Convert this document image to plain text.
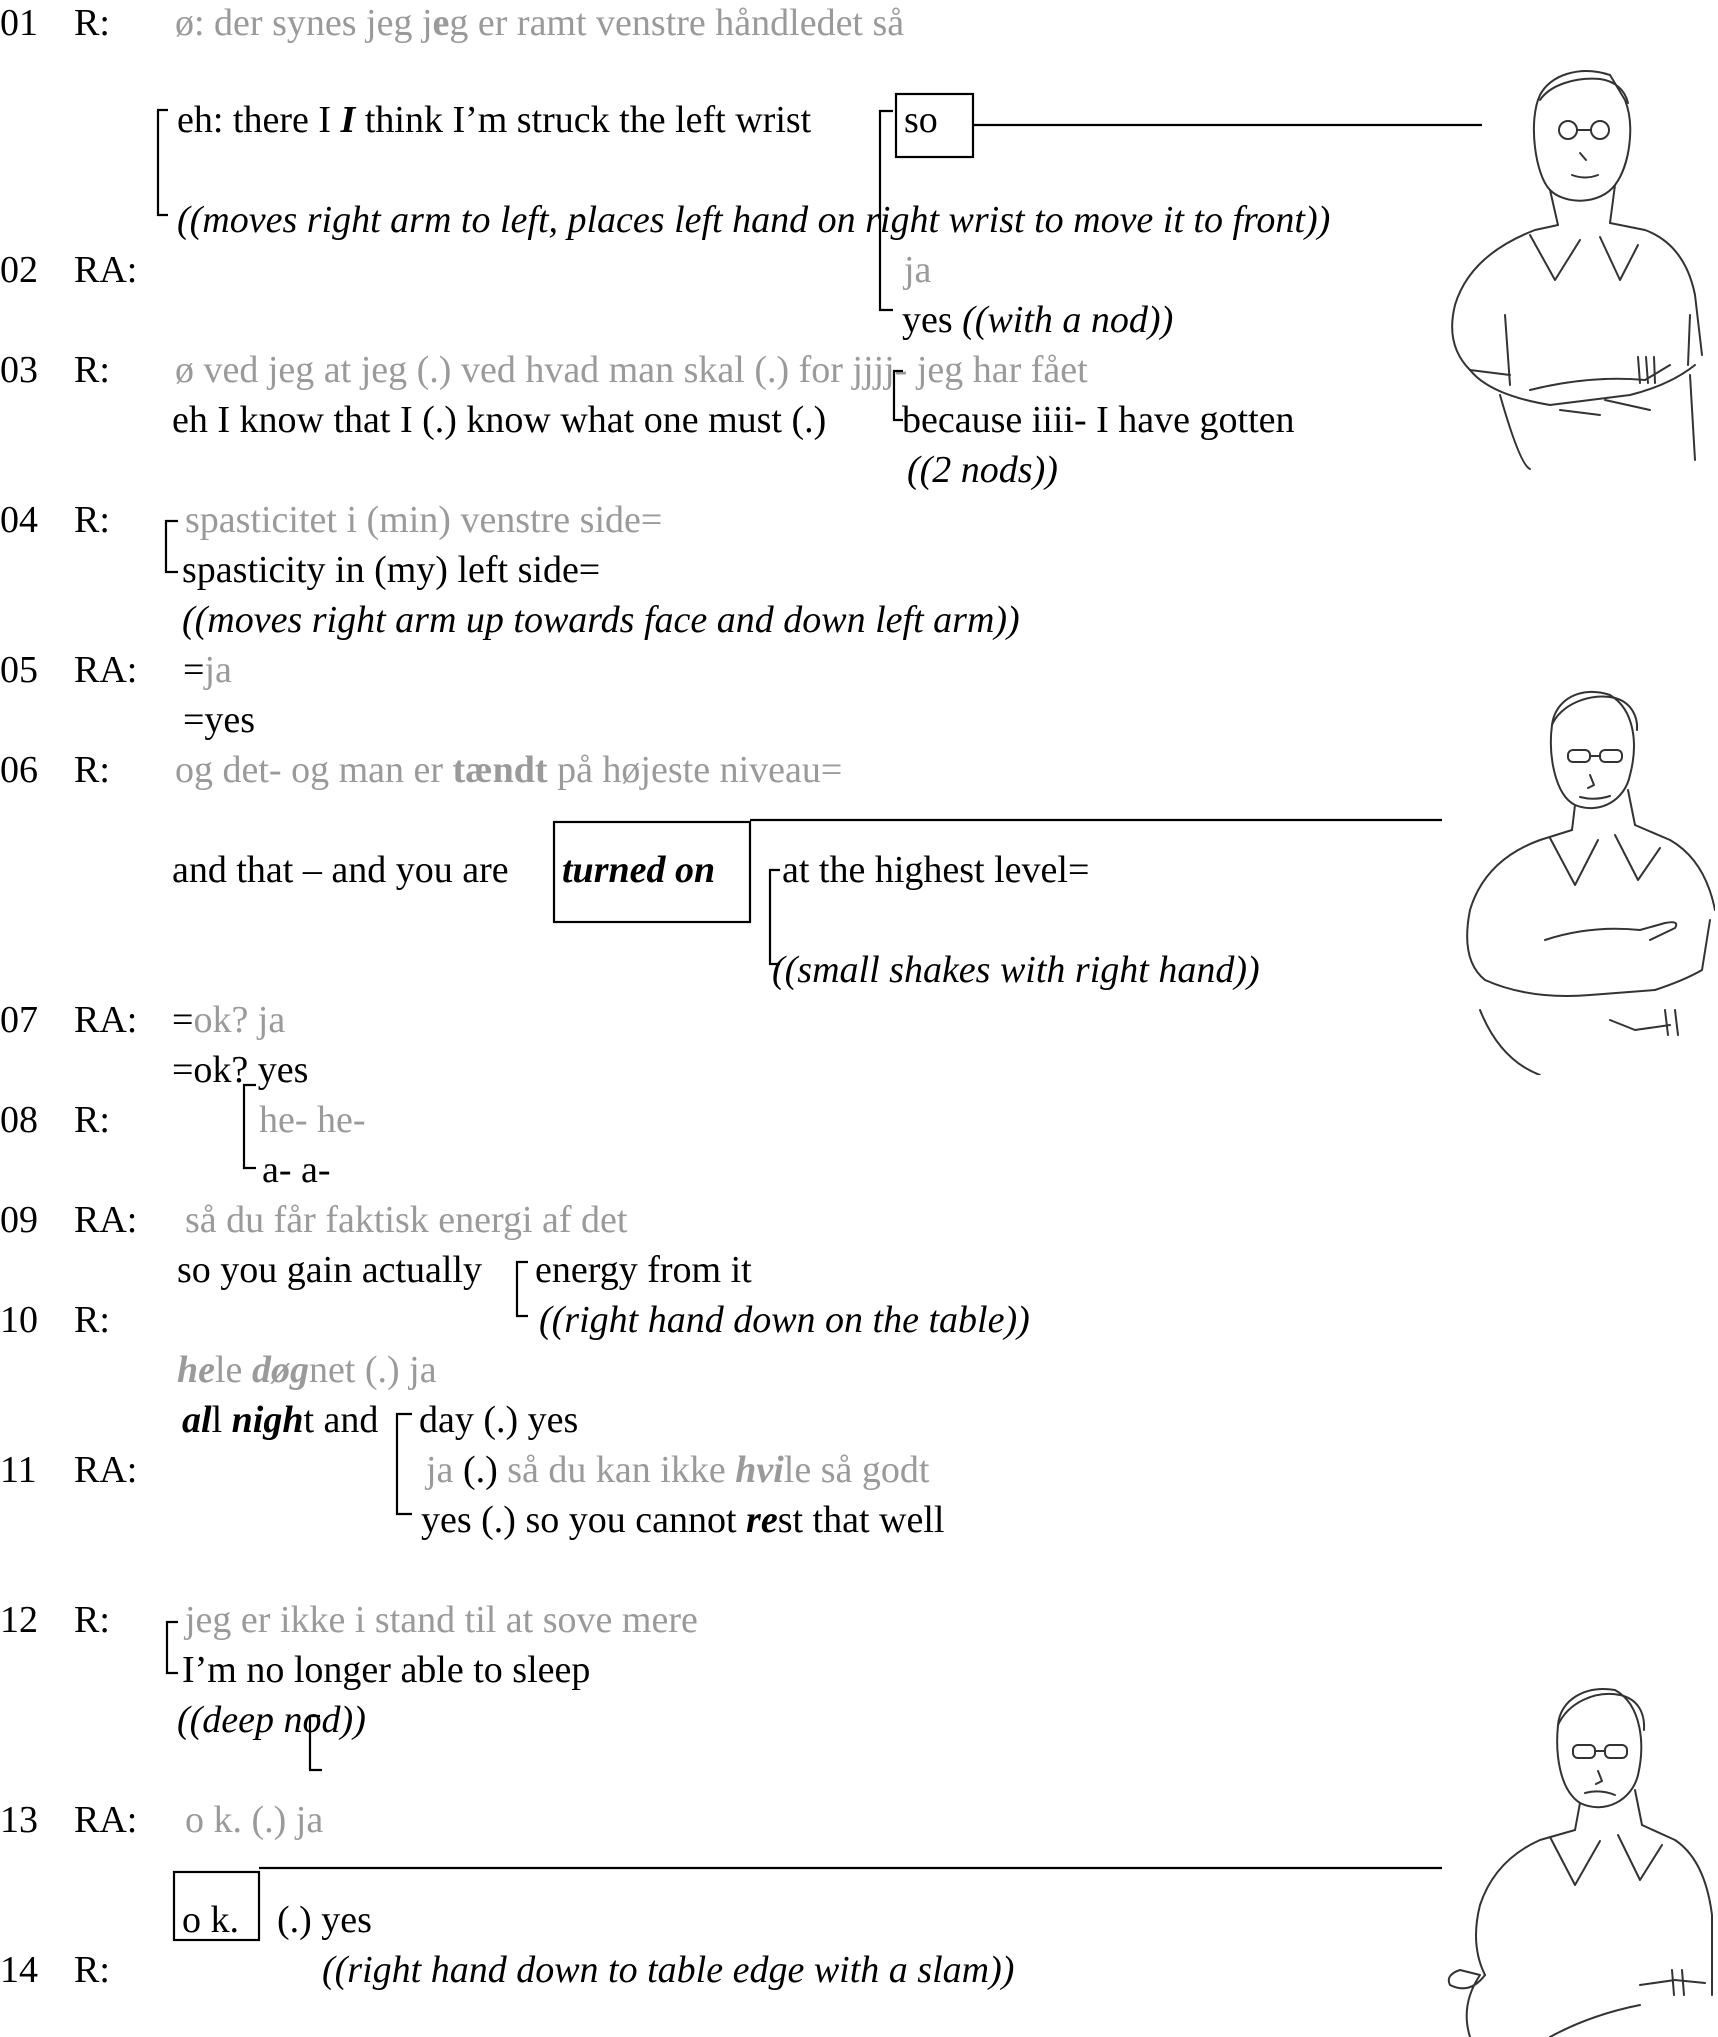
01 R: ø: der synes jeg jeg er ramt venstre håndledet så
eh: there I I think I’m struck the left wrist so
((moves right arm to left, places left hand on right wrist to move it to front))
02 RA:	ja
yes ((with a nod))
03 R: ø ved jeg at jeg (.) ved hvad man skal (.) for jjjj- jeg har fået
eh I know that I (.) know what one must (.) because iiii- I have gotten
((2 nods))
04 R: spasticitet i (min) venstre side=
spasticity in (my) left side=
((moves right arm up towards face and down left arm))
05 RA: =ja
=yes
06 R: og det- og man er tændt på højeste niveau=
and that – and you are turned on at the highest level=
((small shakes with right hand))
07 RA: =ok? ja
=ok? yes
08 R:	he- he-
a- a-
09 RA: så du får faktisk energi af det
so you gain actually energy from it
10 R:	((right hand down on the table))
hele døgnet (.) ja
all night and day (.) yes
11 RA:	ja (.) så du kan ikke hvile så godt
yes (.) so you cannot rest that well
12 R: jeg er ikke i stand til at sove mere
I’m no longer able to sleep
((deep nod))
13 RA: o k. (.) ja
o k. (.) yes
14 R:	((right hand down to table edge with a slam))
